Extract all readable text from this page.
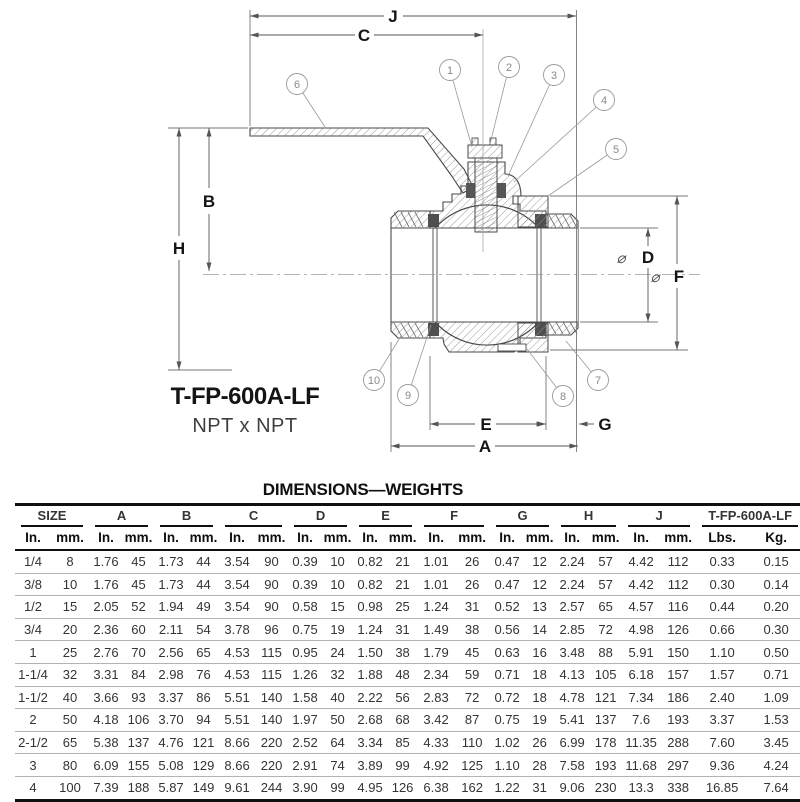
J
C
B
H
⌀ D
⌀ F
E
A
G
1	2
3
4
5
6
7
8
9
10
T-FP-600A-LF
NPT x NPT
DIMENSIONS—WEIGHTS
SIZE		A		B		C		D		E		F		G		H		J		T-FP-600A-LF	

In.	mm.	In.	mm.	In.	mm.	In.	mm.	In.	mm.	In.	mm.	In.	mm.	In.	mm.	In.	mm.	In.	mm.	Lbs.	Kg.
1/4	8	1.76	45	1.73	44	3.54	90	0.39	10	0.82	21	1.01	26	0.47	12	2.24	57	4.42	112	0.33	0.15
3/8	10	1.76	45	1.73	44	3.54	90	0.39	10	0.82	21	1.01	26	0.47	12	2.24	57	4.42	112	0.30	0.14
1/2	15	2.05	52	1.94	49	3.54	90	0.58	15	0.98	25	1.24	31	0.52	13	2.57	65	4.57	116	0.44	0.20
3/4	20	2.36	60	2.11	54	3.78	96	0.75	19	1.24	31	1.49	38	0.56	14	2.85	72	4.98	126	0.66	0.30
1	25	2.76	70	2.56	65	4.53	115	0.95	24	1.50	38	1.79	45	0.63	16	3.48	88	5.91	150	1.10	0.50
1-1/4	32	3.31	84	2.98	76	4.53	115	1.26	32	1.88	48	2.34	59	0.71	18	4.13	105	6.18	157	1.57	0.71
1-1/2	40	3.66	93	3.37	86	5.51	140	1.58	40	2.22	56	2.83	72	0.72	18	4.78	121	7.34	186	2.40	1.09
2	50	4.18	106	3.70	94	5.51	140	1.97	50	2.68	68	3.42	87	0.75	19	5.41	137	7.6	193	3.37	1.53
2-1/2	65	5.38	137	4.76	121	8.66	220	2.52	64	3.34	85	4.33	110	1.02	26	6.99	178	11.35	288	7.60	3.45
3	80	6.09	155	5.08	129	8.66	220	2.91	74	3.89	99	4.92	125	1.10	28	7.58	193	11.68	297	9.36	4.24
4	100	7.39	188	5.87	149	9.61	244	3.90	99	4.95	126	6.38	162	1.22	31	9.06	230	13.3	338	16.85	7.64
